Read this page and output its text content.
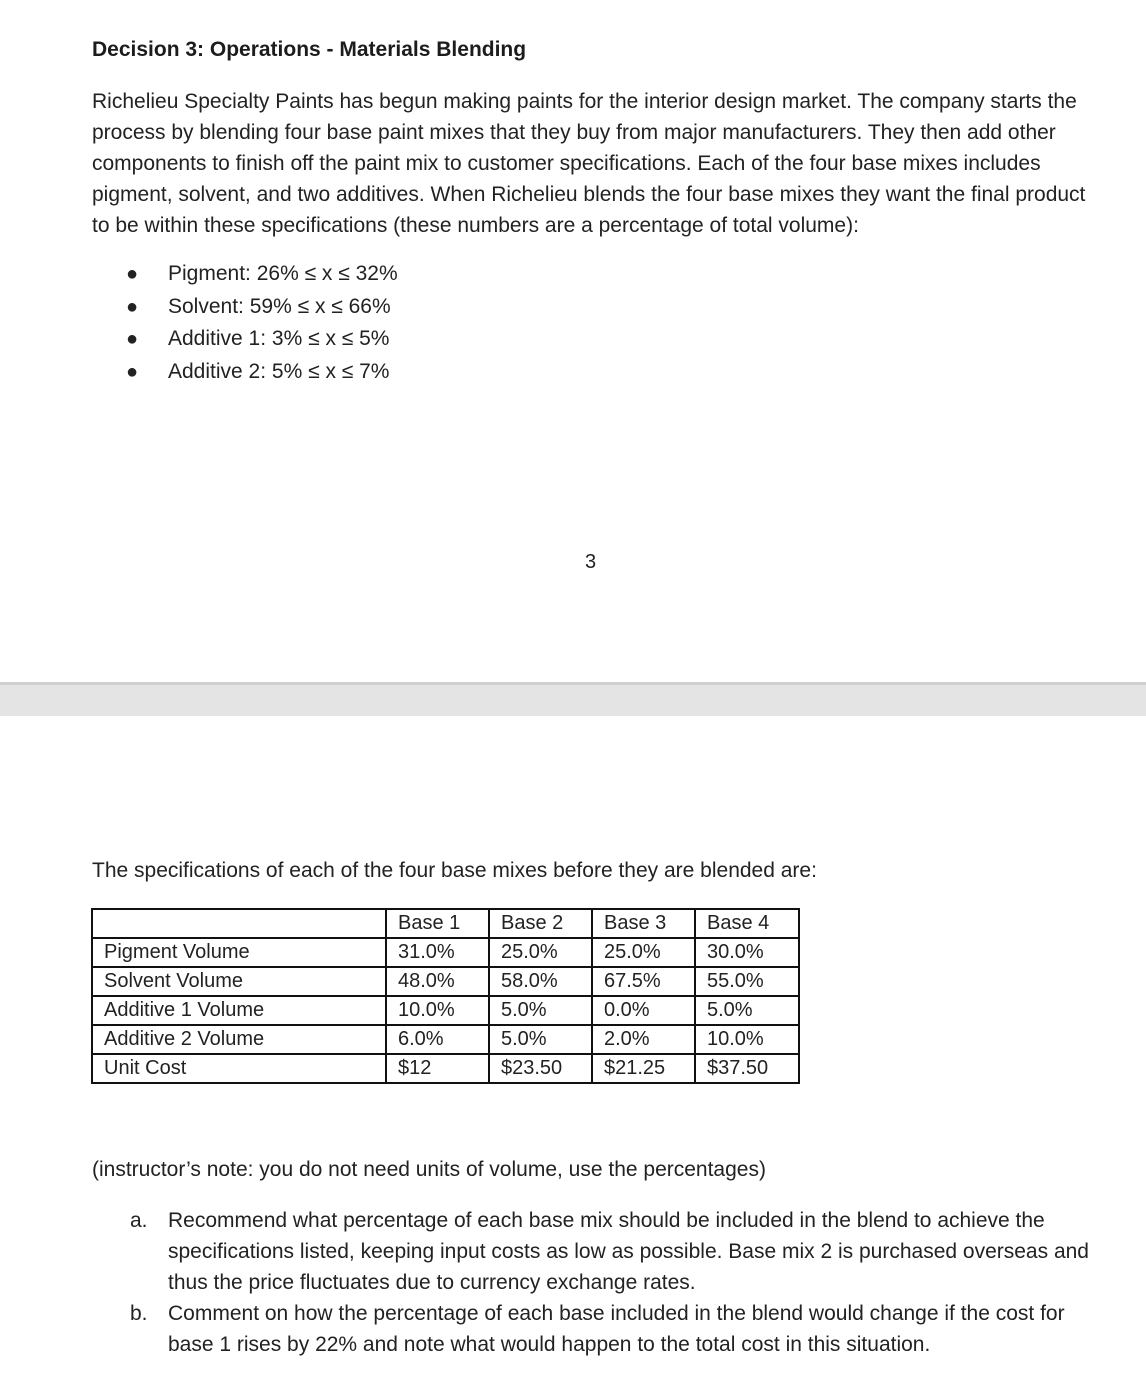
Decision 3: Operations - Materials Blending

Richelieu Specialty Paints has begun making paints for the interior design market. The company starts the process by blending four base paint mixes that they buy from major manufacturers. They then add other components to finish off the paint mix to customer specifications. Each of the four base mixes includes pigment, solvent, and two additives. When Richelieu blends the four base mixes they want the final product to be within these specifications (these numbers are a percentage of total volume):

● Pigment: 26% ≤ x ≤ 32%
● Solvent: 59% ≤ x ≤ 66%
● Additive 1: 3% ≤ x ≤ 5%
● Additive 2: 5% ≤ x ≤ 7%
3
The specifications of each of the four base mixes before they are blended are:
	Base 1	Base 2	Base 3	Base 4
Pigment Volume	31.0%	25.0%	25.0%	30.0%
Solvent Volume	48.0%	58.0%	67.5%	55.0%
Additive 1 Volume	10.0%	5.0%	0.0%	5.0%
Additive 2 Volume	6.0%	5.0%	2.0%	10.0%
Unit Cost	$12	$23.50	$21.25	$37.50
(instructor’s note: you do not need units of volume, use the percentages)
a. Recommend what percentage of each base mix should be included in the blend to achieve the specifications listed, keeping input costs as low as possible. Base mix 2 is purchased overseas and thus the price fluctuates due to currency exchange rates.

b. Comment on how the percentage of each base included in the blend would change if the cost for base 1 rises by 22% and note what would happen to the total cost in this situation.
